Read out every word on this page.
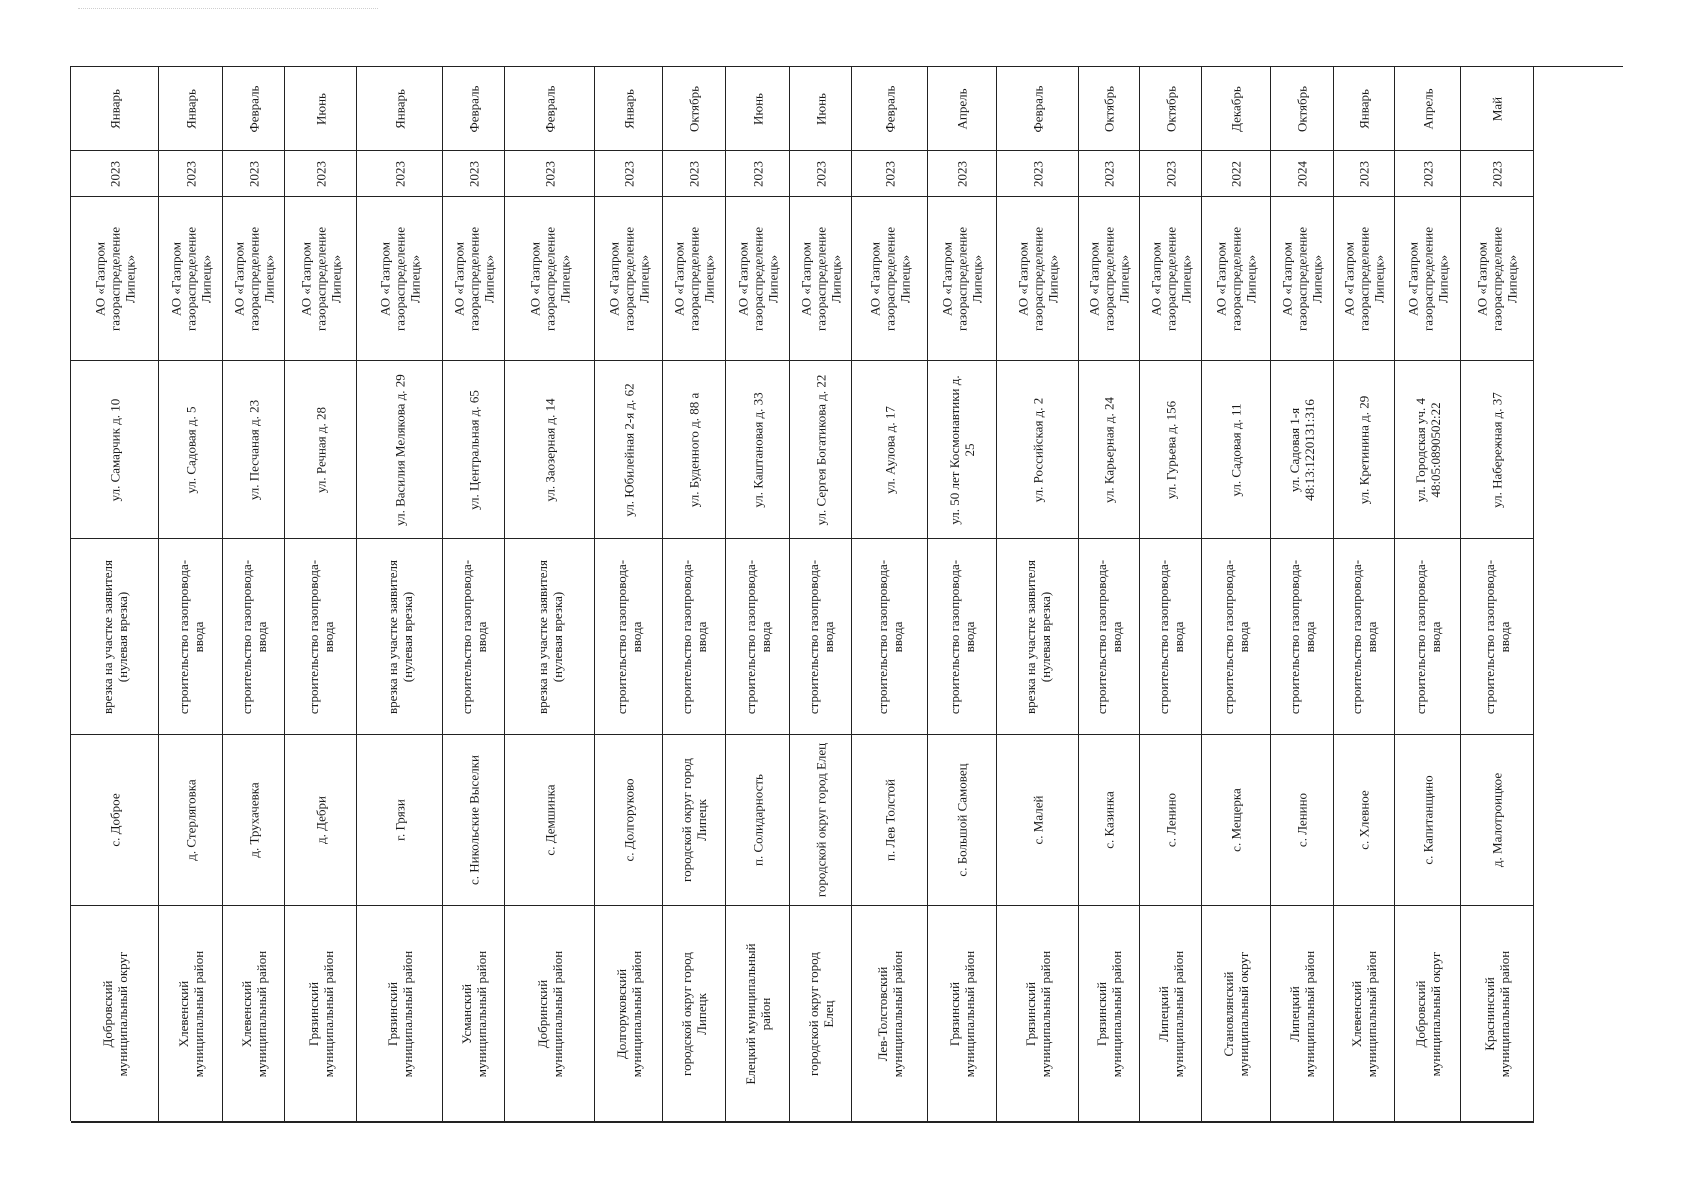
Январь
2023
АО «Газпром газораспределение Липецк»
ул. Самарчик д. 10
врезка на участке заявителя (нулевая врезка)
с. Доброе
Добровский муниципальный округ
Январь
2023
АО «Газпром газораспределение Липецк»
ул. Садовая д. 5
строительство газопровода-ввода
д. Стерляговка
Хлевенский муниципальный район
Февраль
2023
АО «Газпром газораспределение Липецк»
ул. Песчаная д. 23
строительство газопровода-ввода
д. Трухачевка
Хлевенский муниципальный район
Июнь
2023
АО «Газпром газораспределение Липецк»
ул. Речная д. 28
строительство газопровода-ввода
д. Дебри
Грязинский муниципальный район
Январь
2023
АО «Газпром газораспределение Липецк»
ул. Василия Мелякова д. 29
врезка на участке заявителя (нулевая врезка)
г. Грязи
Грязинский муниципальный район
Февраль
2023
АО «Газпром газораспределение Липецк»
ул. Центральная д. 65
строительство газопровода-ввода
с. Никольские Выселки
Усманский муниципальный район
Февраль
2023
АО «Газпром газораспределение Липецк»
ул. Заозерная д. 14
врезка на участке заявителя (нулевая врезка)
с. Демшинка
Добринский муниципальный район
Январь
2023
АО «Газпром газораспределение Липецк»
ул. Юбилейная 2-я д. 62
строительство газопровода-ввода
с. Долгоруково
Долгоруковский муниципальный район
Октябрь
2023
АО «Газпром газораспределение Липецк»
ул. Буденного д. 88 а
строительство газопровода-ввода
городской округ город Липецк
городской округ город Липецк
Июнь
2023
АО «Газпром газораспределение Липецк»
ул. Каштановая д. 33
строительство газопровода-ввода
п. Солидарность
Елецкий муниципальный район
Июнь
2023
АО «Газпром газораспределение Липецк»
ул. Сергея Богатикова д. 22
строительство газопровода-ввода
городской округ город Елец
городской округ город Елец
Февраль
2023
АО «Газпром газораспределение Липецк»
ул. Аулова д. 17
строительство газопровода-ввода
п. Лев Толстой
Лев-Толстовский муниципальный район
Апрель
2023
АО «Газпром газораспределение Липецк»
ул. 50 лет Космонавтики д. 25
строительство газопровода-ввода
с. Большой Самовец
Грязинский муниципальный район
Февраль
2023
АО «Газпром газораспределение Липецк»
ул. Российская д. 2
врезка на участке заявителя (нулевая врезка)
с. Малей
Грязинский муниципальный район
Октябрь
2023
АО «Газпром газораспределение Липецк»
ул. Карьерная д. 24
строительство газопровода-ввода
с. Казинка
Грязинский муниципальный район
Октябрь
2023
АО «Газпром газораспределение Липецк»
ул. Гурьева д. 156
строительство газопровода-ввода
с. Ленино
Липецкий муниципальный район
Декабрь
2022
АО «Газпром газораспределение Липецк»
ул. Садовая д. 11
строительство газопровода-ввода
с. Мещерка
Становлянский муниципальный округ
Октябрь
2024
АО «Газпром газораспределение Липецк»
ул. Садовая 1-я 48:13:1220131:316
строительство газопровода-ввода
с. Ленино
Липецкий муниципальный район
Январь
2023
АО «Газпром газораспределение Липецк»
ул. Кретинина д. 29
строительство газопровода-ввода
с. Хлевное
Хлевенский муниципальный район
Апрель
2023
АО «Газпром газораспределение Липецк»
ул. Городская уч. 4 48:05:0890502:22
строительство газопровода-ввода
с. Капитанщино
Добровский муниципальный округ
Май
2023
АО «Газпром газораспределение Липецк»
ул. Набережная д. 37
строительство газопровода-ввода
д. Малотроицкое
Краснинский муниципальный район
